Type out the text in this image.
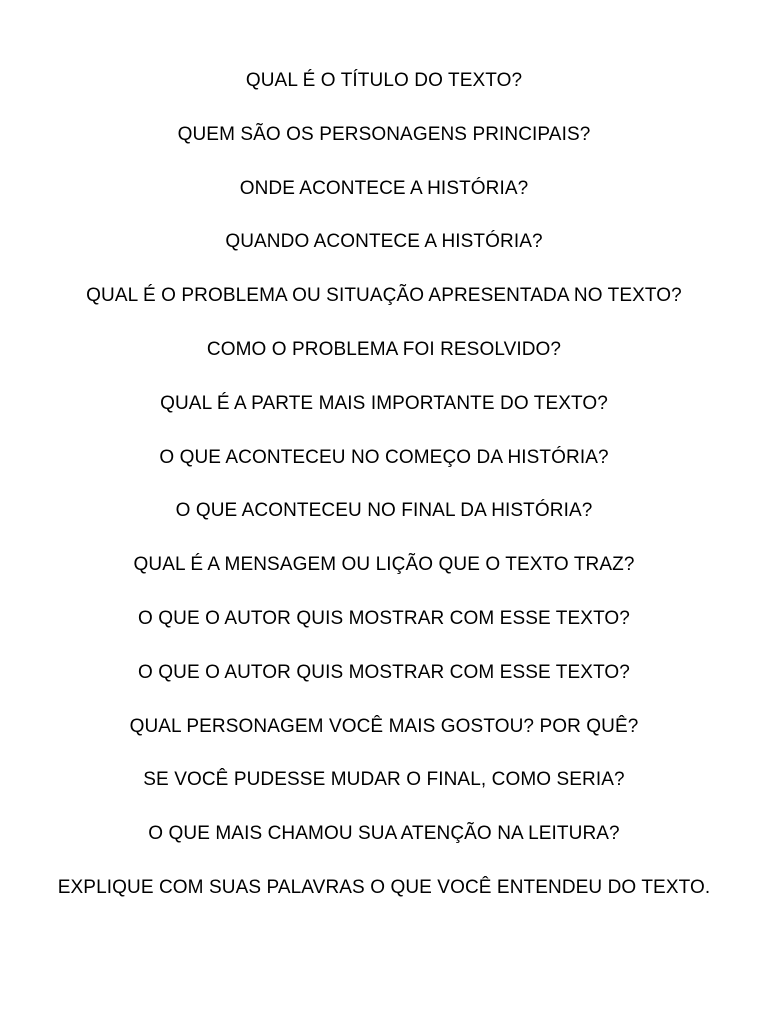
QUAL É O TÍTULO DO TEXTO?
QUEM SÃO OS PERSONAGENS PRINCIPAIS?
ONDE ACONTECE A HISTÓRIA?
QUANDO ACONTECE A HISTÓRIA?
QUAL É O PROBLEMA OU SITUAÇÃO APRESENTADA NO TEXTO?
COMO O PROBLEMA FOI RESOLVIDO?
QUAL É A PARTE MAIS IMPORTANTE DO TEXTO?
O QUE ACONTECEU NO COMEÇO DA HISTÓRIA?
O QUE ACONTECEU NO FINAL DA HISTÓRIA?
QUAL É A MENSAGEM OU LIÇÃO QUE O TEXTO TRAZ?
O QUE O AUTOR QUIS MOSTRAR COM ESSE TEXTO?
O QUE O AUTOR QUIS MOSTRAR COM ESSE TEXTO?
QUAL PERSONAGEM VOCÊ MAIS GOSTOU? POR QUÊ?
SE VOCÊ PUDESSE MUDAR O FINAL, COMO SERIA?
O QUE MAIS CHAMOU SUA ATENÇÃO NA LEITURA?
EXPLIQUE COM SUAS PALAVRAS O QUE VOCÊ ENTENDEU DO TEXTO.
